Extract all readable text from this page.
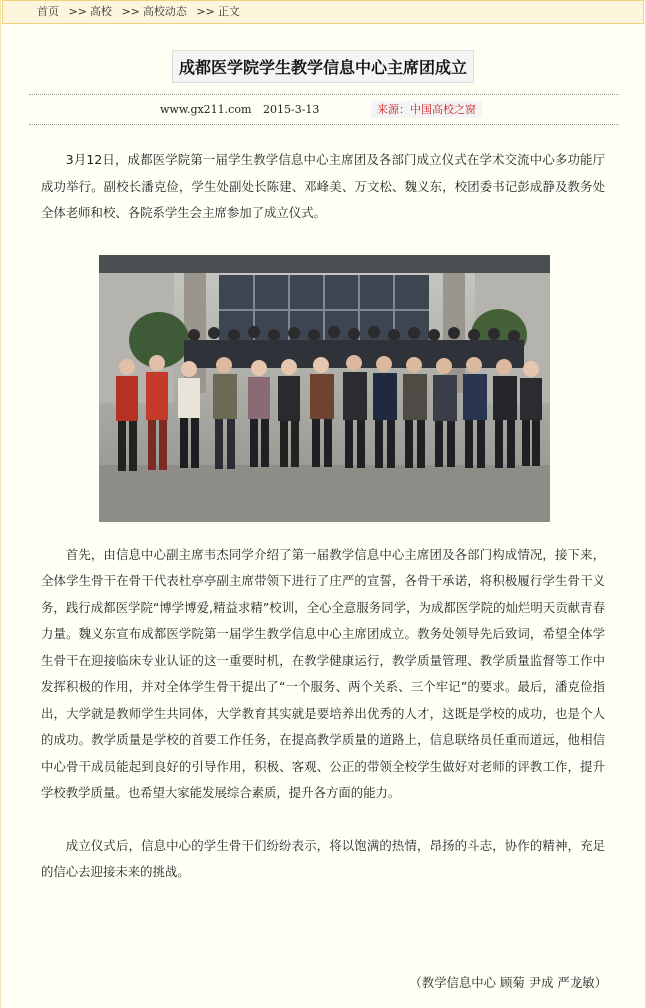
首页 >> 高校 >> 高校动态 >> 正文
成都医学院学生教学信息中心主席团成立
www.gx211.com 2015-3-13	来源：中国高校之窗

3月12日，成都医学院第一届学生教学信息中心主席团及各部门成立仪式在学术交流中心多功能厅成功举行。副校长潘克俭，学生处副处长陈建、邓峰美、万文松、魏义东，校团委书记彭成静及教务处全体老师和校、各院系学生会主席参加了成立仪式。

首先，由信息中心副主席韦杰同学介绍了第一届教学信息中心主席团及各部门构成情况，接下来，全体学生骨干在骨干代表杜亭亭副主席带领下进行了庄严的宣誓，各骨干承诺，将积极履行学生骨干义务，践行成都医学院“博学博爱,精益求精”校训，全心全意服务同学，为成都医学院的灿烂明天贡献青春力量。魏义东宣布成都医学院第一届学生教学信息中心主席团成立。教务处领导先后致词，希望全体学生骨干在迎接临床专业认证的这一重要时机，在教学健康运行，教学质量管理、教学质量监督等工作中发挥积极的作用，并对全体学生骨干提出了“一个服务、两个关系、三个牢记”的要求。最后，潘克俭指出，大学就是教师学生共同体，大学教育其实就是要培养出优秀的人才，这既是学校的成功，也是个人的成功。教学质量是学校的首要工作任务，在提高教学质量的道路上，信息联络员任重而道远，他相信中心骨干成员能起到良好的引导作用，积极、客观、公正的带领全校学生做好对老师的评教工作，提升学校教学质量。也希望大家能发展综合素质，提升各方面的能力。

成立仪式后，信息中心的学生骨干们纷纷表示，将以饱满的热情，昂扬的斗志，协作的精神，充足的信心去迎接未来的挑战。

（教学信息中心 顾菊 尹成 严龙敏）
